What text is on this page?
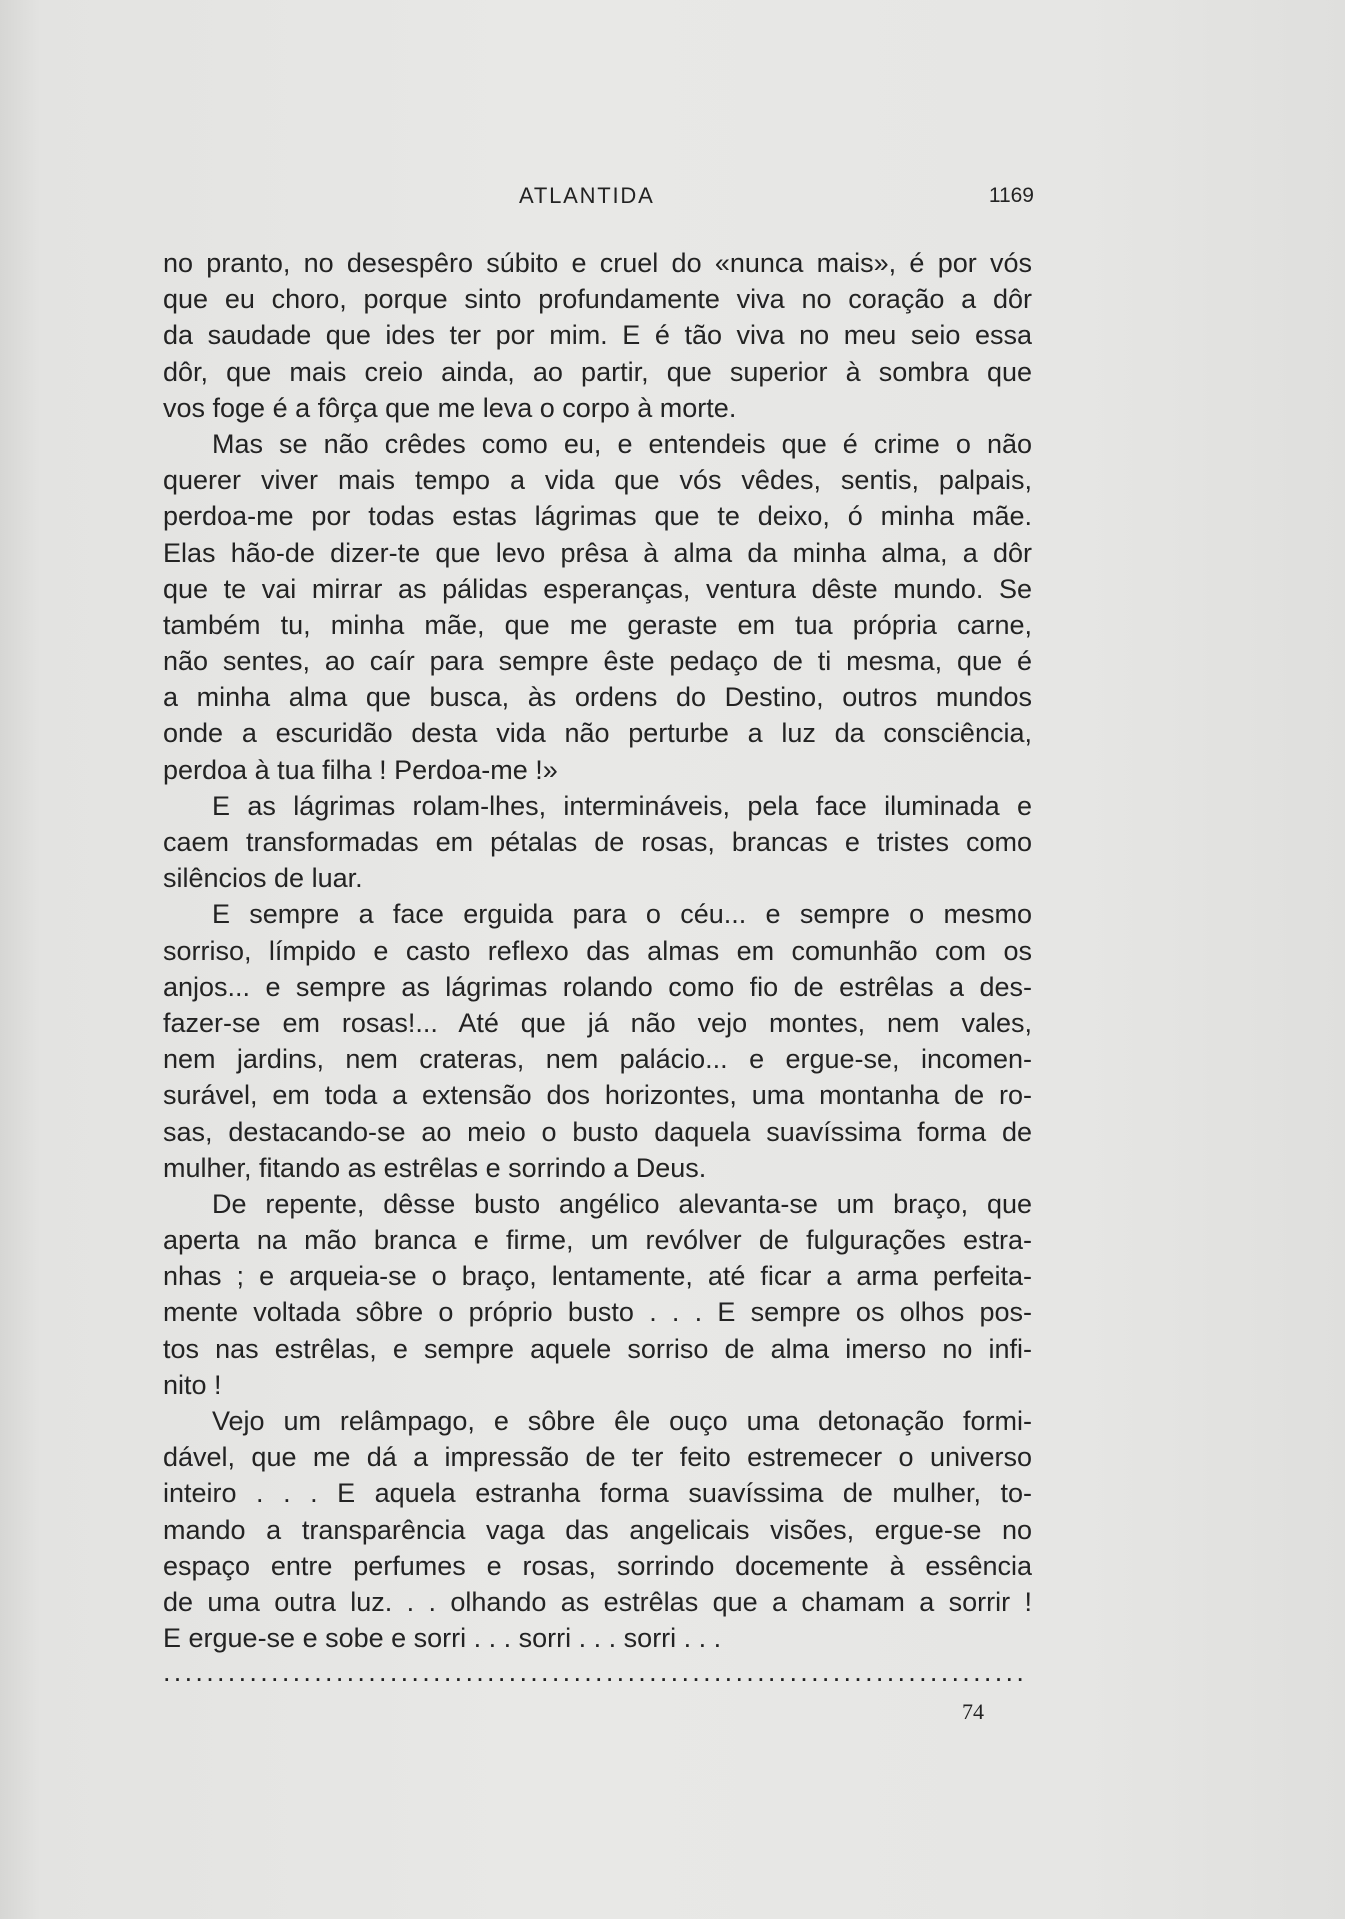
ATLANTIDA	1169
no pranto, no desespêro súbito e cruel do «nunca mais», é por vós
que eu choro, porque sinto profundamente viva no coração a dôr
da saudade que ides ter por mim. E é tão viva no meu seio essa
dôr, que mais creio ainda, ao partir, que superior à sombra que
vos foge é a fôrça que me leva o corpo à morte.
Mas se não crêdes como eu, e entendeis que é crime o não
querer viver mais tempo a vida que vós vêdes, sentis, palpais,
perdoa-me por todas estas lágrimas que te deixo, ó minha mãe.
Elas hão-de dizer-te que levo prêsa à alma da minha alma, a dôr
que te vai mirrar as pálidas esperanças, ventura dêste mundo. Se
também tu, minha mãe, que me geraste em tua própria carne,
não sentes, ao caír para sempre êste pedaço de ti mesma, que é
a minha alma que busca, às ordens do Destino, outros mundos
onde a escuridão desta vida não perturbe a luz da consciência,
perdoa à tua filha ! Perdoa-me !»
E as lágrimas rolam-lhes, intermináveis, pela face iluminada e
caem transformadas em pétalas de rosas, brancas e tristes como
silêncios de luar.
E sempre a face erguida para o céu... e sempre o mesmo
sorriso, límpido e casto reflexo das almas em comunhão com os
anjos... e sempre as lágrimas rolando como fio de estrêlas a des-
fazer-se em rosas!... Até que já não vejo montes, nem vales,
nem jardins, nem crateras, nem palácio... e ergue-se, incomen-
surável, em toda a extensão dos horizontes, uma montanha de ro-
sas, destacando-se ao meio o busto daquela suavíssima forma de
mulher, fitando as estrêlas e sorrindo a Deus.
De repente, dêsse busto angélico alevanta-se um braço, que
aperta na mão branca e firme, um revólver de fulgurações estra-
nhas ; e arqueia-se o braço, lentamente, até ficar a arma perfeita-
mente voltada sôbre o próprio busto . . . E sempre os olhos pos-
tos nas estrêlas, e sempre aquele sorriso de alma imerso no infi-
nito !
Vejo um relâmpago, e sôbre êle ouço uma detonação formi-
dável, que me dá a impressão de ter feito estremecer o universo
inteiro . . . E aquela estranha forma suavíssima de mulher, to-
mando a transparência vaga das angelicais visões, ergue-se no
espaço entre perfumes e rosas, sorrindo docemente à essência
de uma outra luz. . . olhando as estrêlas que a chamam a sorrir !
E ergue-se e sobe e sorri . . . sorri . . . sorri . . .
................................................................................
74
